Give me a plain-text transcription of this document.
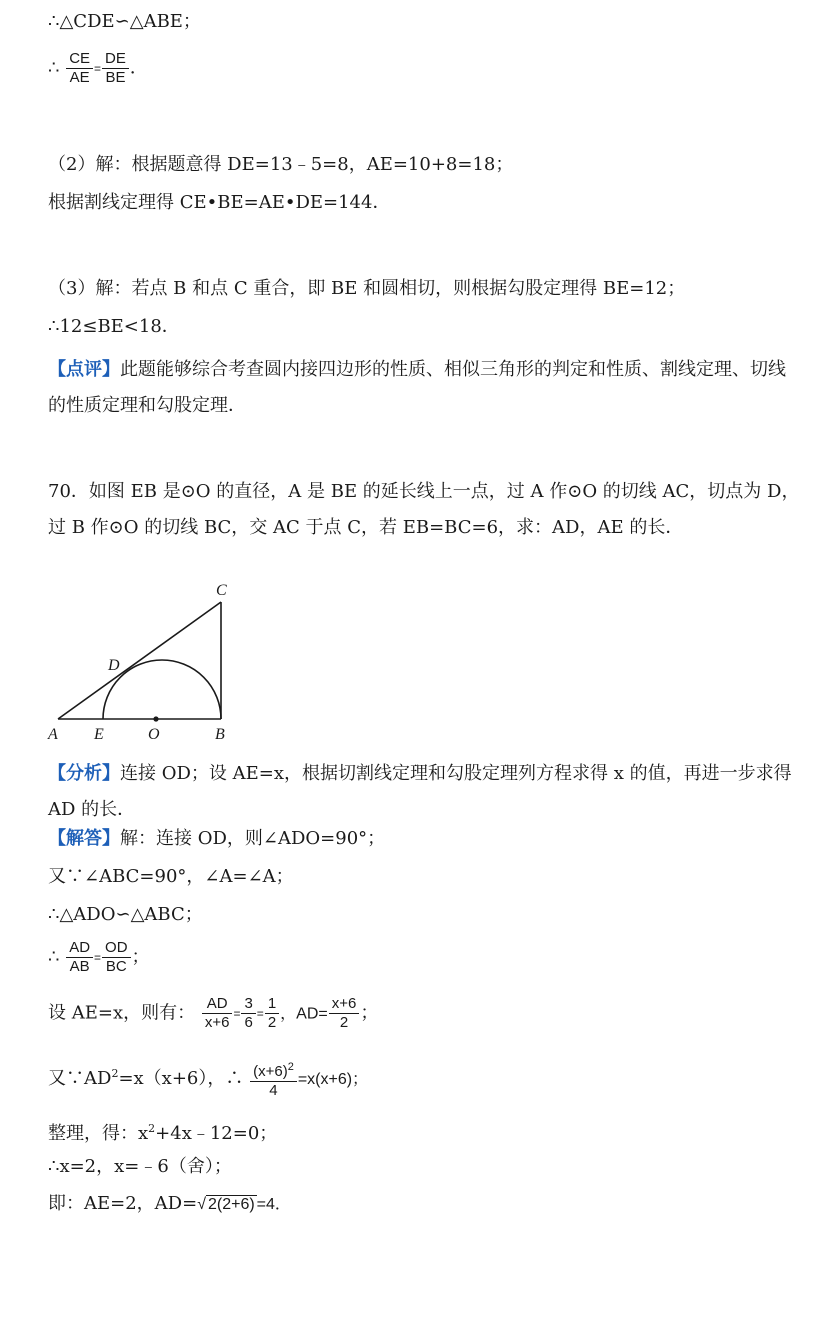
∴△CDE∽△ABE；
∴ $\frac{CE}{AE} = \frac{DE}{BE}$ ．
（2）解：根据题意得 DE=13﹣5=8，AE=10+8=18；
根据割线定理得 CE•BE=AE•DE=144．
（3）解：若点 B 和点 C 重合，即 BE 和圆相切，则根据勾股定理得 BE=12；
∴12≤BE<18．
【点评】此题能够综合考查圆内接四边形的性质、相似三角形的判定和性质、割线定理、切线的性质定理和勾股定理．
70．如图 EB 是⊙O 的直径，A 是 BE 的延长线上一点，过 A 作⊙O 的切线 AC，切点为 D，过 B 作⊙O 的切线 BC，交 AC 于点 C，若 EB=BC=6，求：AD，AE 的长．
C
D
A E	O	B
【分析】连接 OD；设 AE=x，根据切割线定理和勾股定理列方程求得 x 的值，再进一步求得 AD 的长．
【解答】解：连接 OD，则∠ADO=90°；
又∵∠ABC=90°，∠A=∠A；
∴△ADO∽△ABC；
∴ $\frac{AD}{AB} = \frac{OD}{BC}$ ；
设 AE=x，则有： $\frac{AD}{x+6} = \frac{3}{6} = \frac{1}{2}$ ，$AD= \frac{x+6}{2}$ ；
又$\because AD^2=x(x+6)$，∴ $\frac{(x+6)^2}{4} =x(x+6)$；
整理，得：$x^2+4x﹣12=0$；
∴x=2，x=﹣6（舍）；
即：AE=2，AD=√ 2(2+6) =4．
